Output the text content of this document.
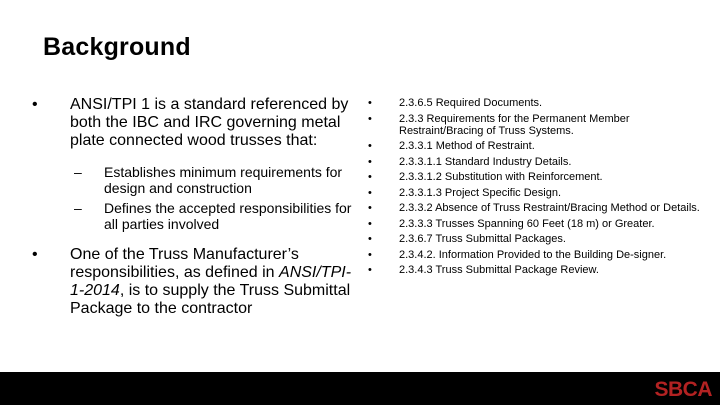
Background
• ANSI/TPI 1 is a standard referenced by both the IBC and IRC governing metal plate connected wood trusses that:
– Establishes minimum requirements for design and construction
– Defines the accepted responsibilities for all parties involved
• One of the Truss Manufacturer’s responsibilities, as defined in ANSI/TPI-1-2014, is to supply the Truss Submittal Package to the contractor
• 2.3.6.5 Required Documents.
• 2.3.3 Requirements for the Permanent Member Restraint/Bracing of Truss Systems.
• 2.3.3.1 Method of Restraint.
• 2.3.3.1.1 Standard Industry Details.
• 2.3.3.1.2 Substitution with Reinforcement.
• 2.3.3.1.3 Project Specific Design.
• 2.3.3.2 Absence of Truss Restraint/Bracing Method or Details.
• 2.3.3.3 Trusses Spanning 60 Feet (18 m) or Greater.
• 2.3.6.7 Truss Submittal Packages.
• 2.3.4.2. Information Provided to the Building De-signer.
• 2.3.4.3 Truss Submittal Package Review.
SBCA
